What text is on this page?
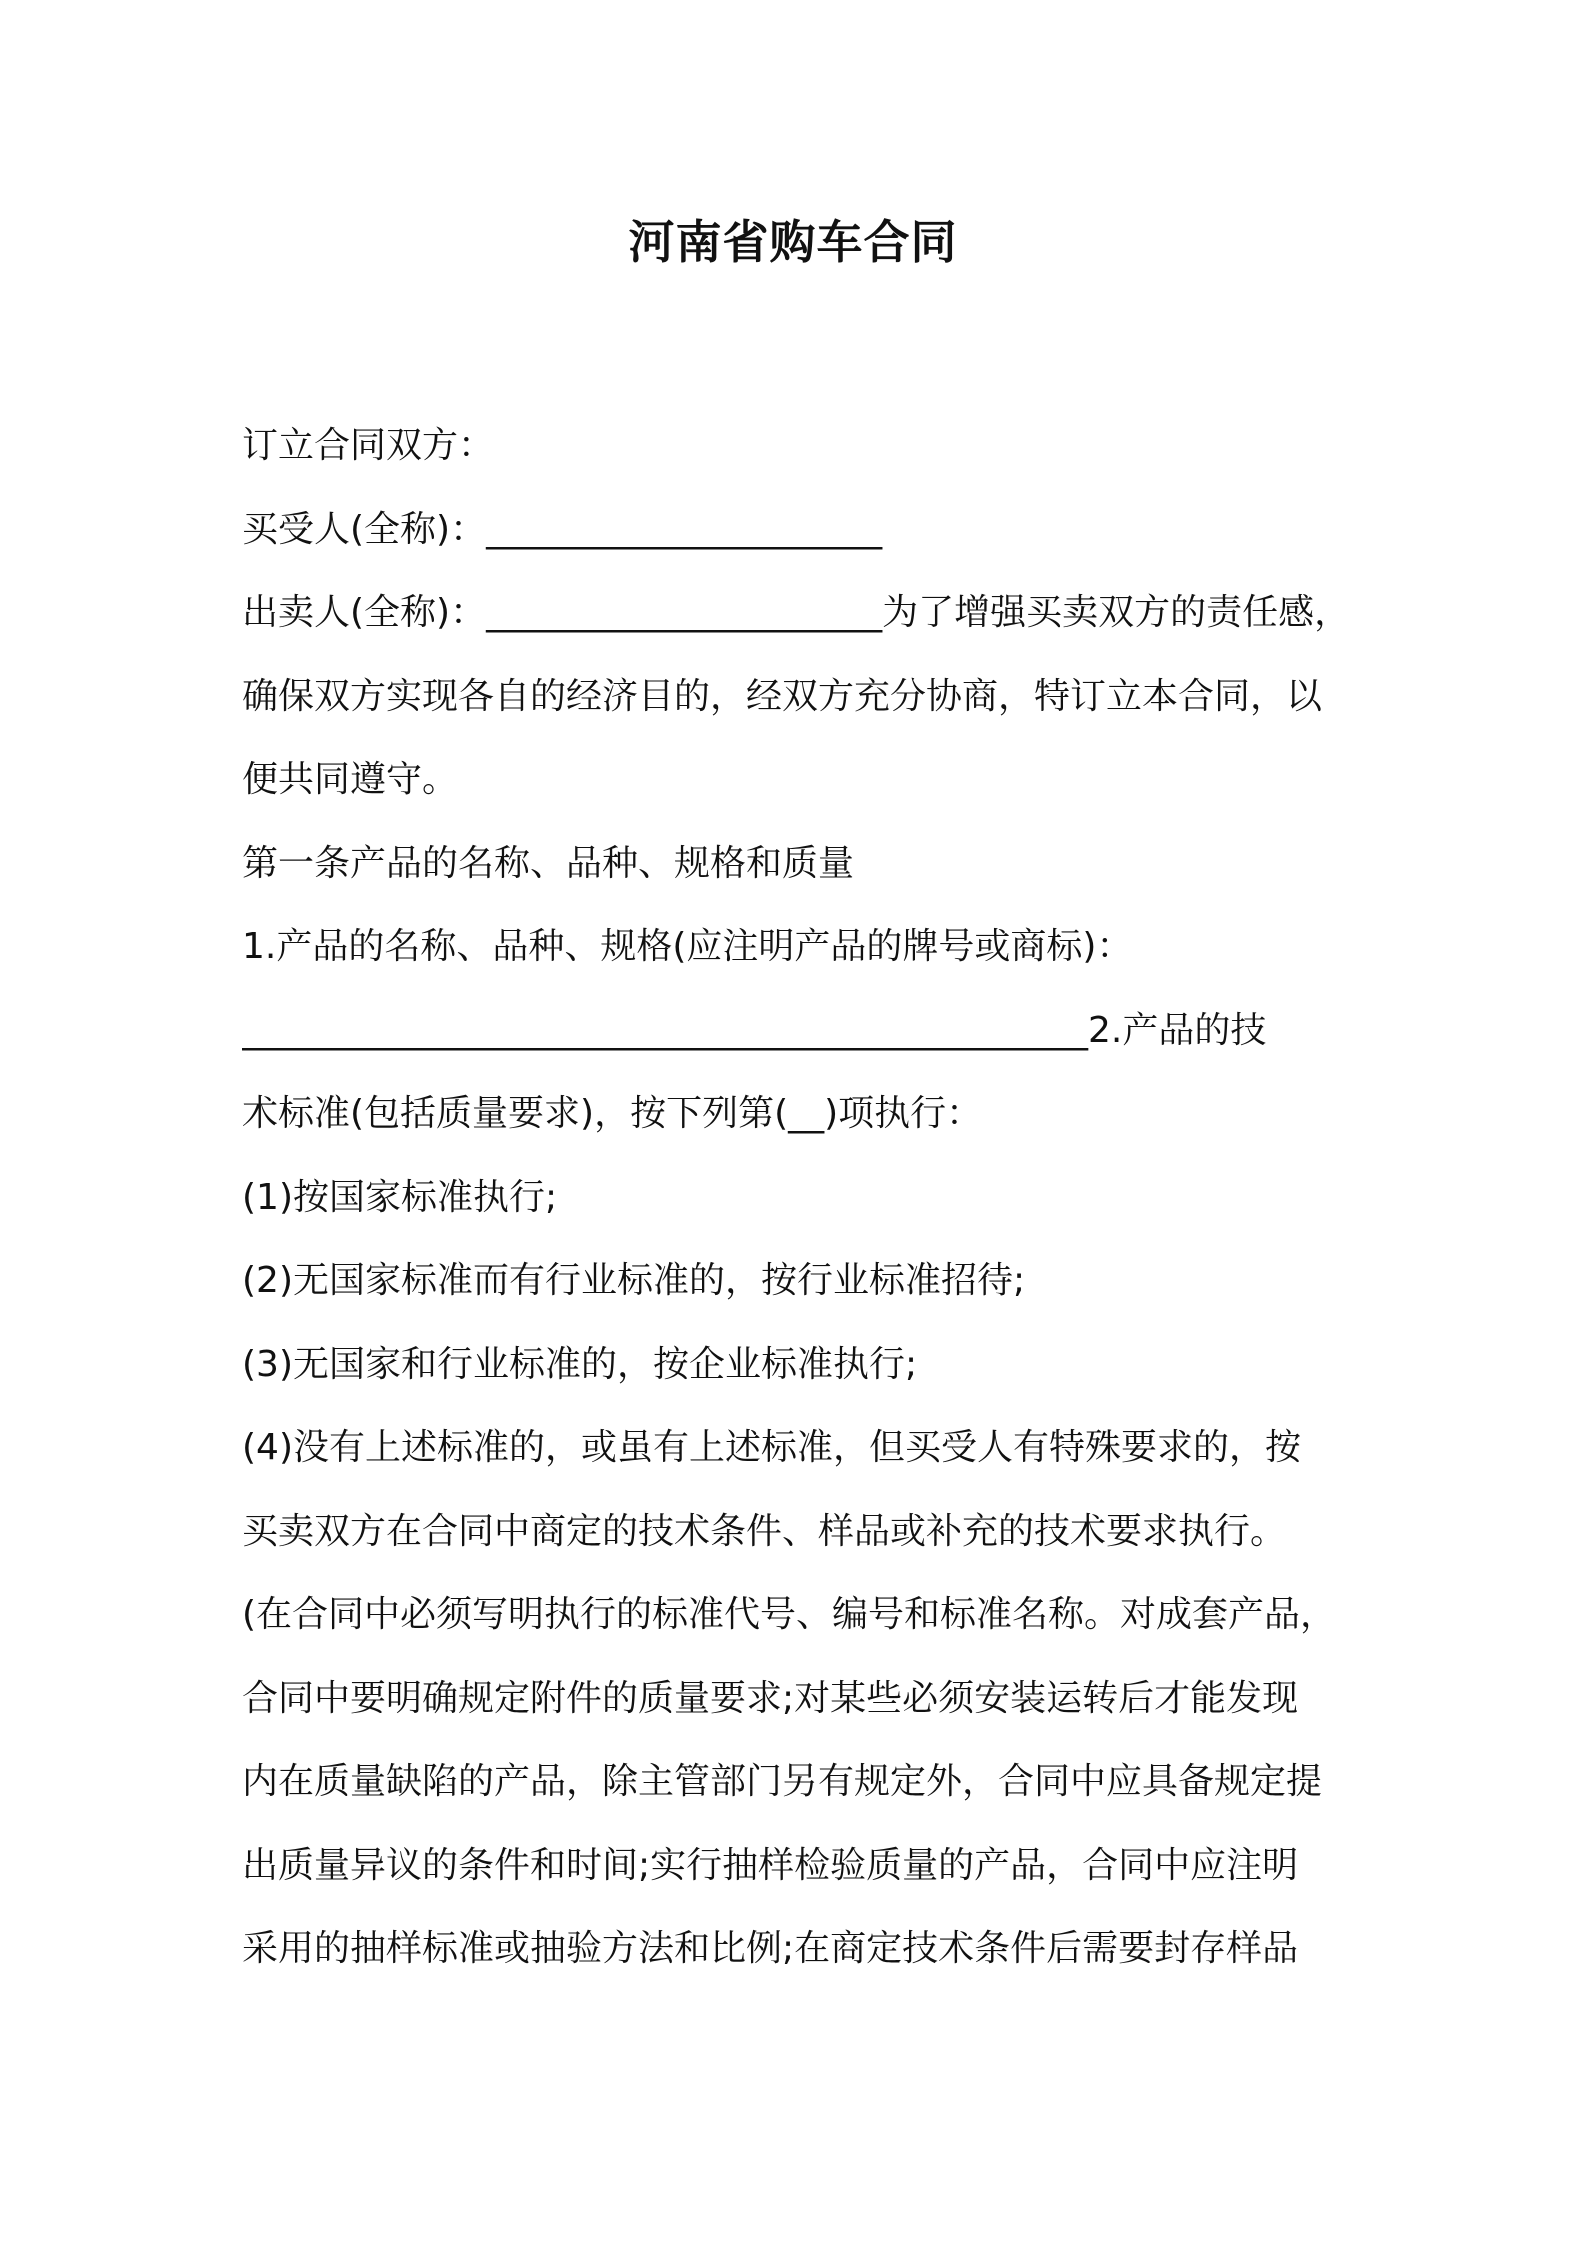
河南省购车合同
订立合同双方：
买受人(全称)：______________________
出卖人(全称)：______________________为了增强买卖双方的责任感，
确保双方实现各自的经济目的，经双方充分协商，特订立本合同，以
便共同遵守。
第一条产品的名称、品种、规格和质量
1.产品的名称、品种、规格(应注明产品的牌号或商标)：
_______________________________________________2.产品的技
术标准(包括质量要求)，按下列第(__)项执行：
(1)按国家标准执行;
(2)无国家标准而有行业标准的，按行业标准招待;
(3)无国家和行业标准的，按企业标准执行;
(4)没有上述标准的，或虽有上述标准，但买受人有特殊要求的，按
买卖双方在合同中商定的技术条件、样品或补充的技术要求执行。
(在合同中必须写明执行的标准代号、编号和标准名称。对成套产品，
合同中要明确规定附件的质量要求;对某些必须安装运转后才能发现
内在质量缺陷的产品，除主管部门另有规定外，合同中应具备规定提
出质量异议的条件和时间;实行抽样检验质量的产品，合同中应注明
采用的抽样标准或抽验方法和比例;在商定技术条件后需要封存样品
